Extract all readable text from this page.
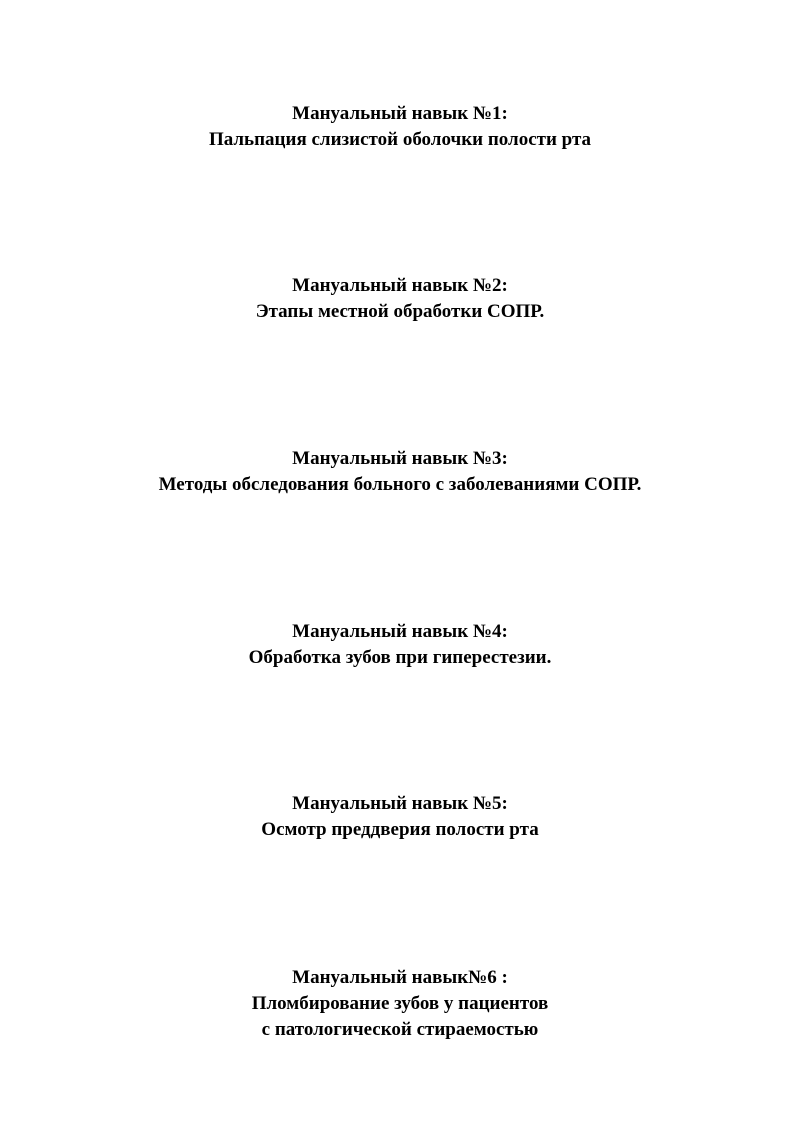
Мануальный навык №1:
Пальпация слизистой оболочки полости рта
Мануальный навык №2:
Этапы местной обработки СОПР.
Мануальный навык №3:
Методы обследования больного с заболеваниями СОПР.
Мануальный навык №4:
Обработка зубов при гиперестезии.
Мануальный навык №5:
Осмотр преддверия полости рта
Мануальный навык№6 :
Пломбирование зубов у пациентов
с патологической стираемостью
